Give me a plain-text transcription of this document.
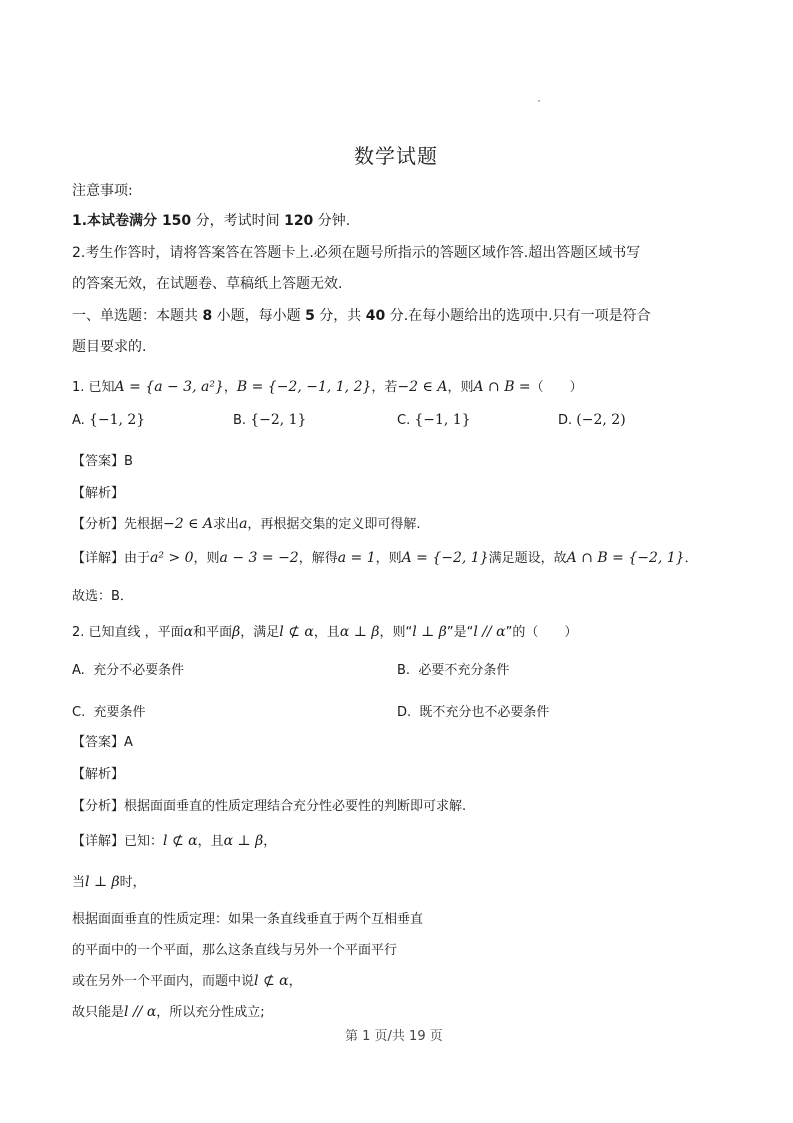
数学试题
注意事项:
1.本试卷满分 150 分，考试时间 120 分钟.
2.考生作答时，请将答案答在答题卡上.必须在题号所指示的答题区域作答.超出答题区域书写
的答案无效，在试题卷、草稿纸上答题无效.
一、单选题：本题共 8 小题，每小题 5 分，共 40 分.在每小题给出的选项中.只有一项是符合
题目要求的.
1. 已知A = {a − 3, a²}，B = {−2, −1, 1, 2}，若−2 ∈ A，则A ∩ B =（　　）
A. {−1, 2}	B. {−2, 1}	C. {−1, 1}	D. (−2, 2)
【答案】B
【解析】
【分析】先根据−2 ∈ A求出a，再根据交集的定义即可得解.
【详解】由于a² > 0，则a − 3 = −2，解得a = 1，则A = {−2, 1}满足题设，故A ∩ B = {−2, 1}．
故选：B．
2. 已知直线 ，平面α和平面β，满足l ⊄ α，且α ⊥ β，则“l ⊥ β”是“l // α”的（　　）
A. 充分不必要条件	B. 必要不充分条件
C. 充要条件	D. 既不充分也不必要条件
【答案】A
【解析】
【分析】根据面面垂直的性质定理结合充分性必要性的判断即可求解.
【详解】已知：l ⊄ α，且α ⊥ β，
当l ⊥ β时，
根据面面垂直的性质定理：如果一条直线垂直于两个互相垂直
的平面中的一个平面，那么这条直线与另外一个平面平行
或在另外一个平面内，而题中说l ⊄ α，
故只能是l // α，所以充分性成立;
第 1 页/共 19 页
